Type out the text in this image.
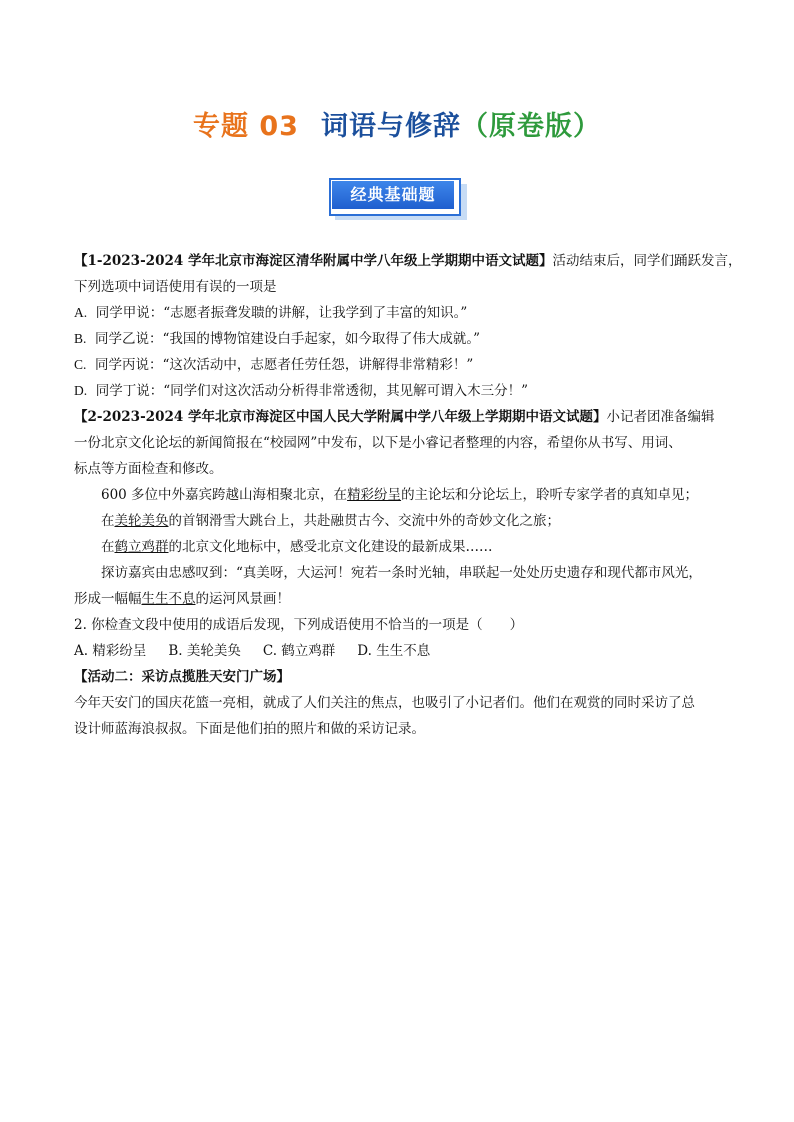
专题 03 词语与修辞（原卷版）
经典基础题
【1-2023-2024 学年北京市海淀区清华附属中学八年级上学期期中语文试题】活动结束后，同学们踊跃发言，
下列选项中词语使用有误的一项是
A. 同学甲说：“志愿者振聋发聩的讲解，让我学到了丰富的知识。”
B. 同学乙说：“我国的博物馆建设白手起家，如今取得了伟大成就。”
C. 同学丙说：“这次活动中，志愿者任劳任怨，讲解得非常精彩！”
D. 同学丁说：“同学们对这次活动分析得非常透彻，其见解可谓入木三分！”
【2-2023-2024 学年北京市海淀区中国人民大学附属中学八年级上学期期中语文试题】小记者团准备编辑
一份北京文化论坛的新闻简报在“校园网”中发布，以下是小睿记者整理的内容，希望你从书写、用词、
标点等方面检查和修改。
600 多位中外嘉宾跨越山海相聚北京，在精彩纷呈的主论坛和分论坛上，聆听专家学者的真知卓见；
在美轮美奂的首钢滑雪大跳台上，共赴融贯古今、交流中外的奇妙文化之旅；
在鹤立鸡群的北京文化地标中，感受北京文化建设的最新成果……
探访嘉宾由忠感叹到：“真美呀，大运河！宛若一条时光轴，串联起一处处历史遗存和现代都市风光，
形成一幅幅生生不息的运河风景画！
2. 你检查文段中使用的成语后发现，下列成语使用不恰当的一项是（　　）
A. 精彩纷呈 B. 美轮美奂 C. 鹤立鸡群 D. 生生不息
【活动二：采访点揽胜天安门广场】
今年天安门的国庆花篮一亮相，就成了人们关注的焦点，也吸引了小记者们。他们在观赏的同时采访了总
设计师蓝海浪叔叔。下面是他们拍的照片和做的采访记录。
